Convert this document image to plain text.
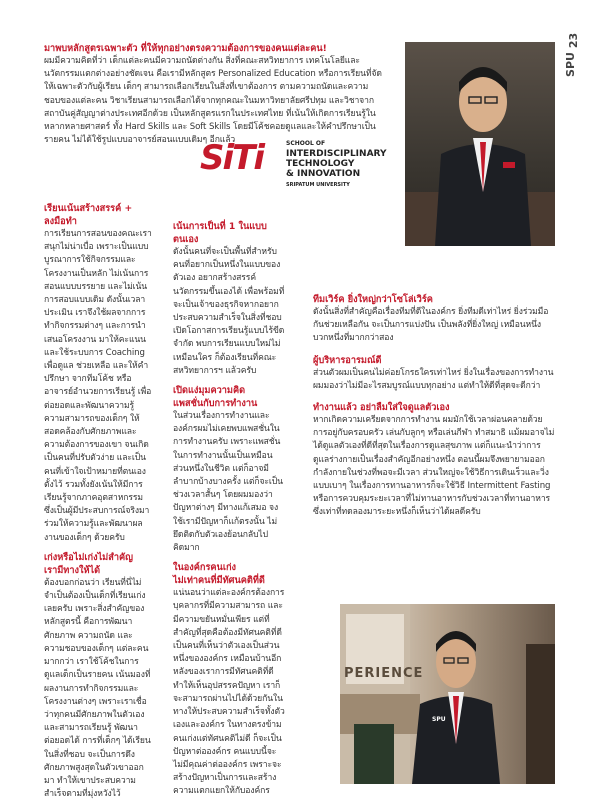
SPU
23
มาพบหลักสูตรเฉพาะตัว ที่ให้ทุกอย่างตรงความต้องการของคนแต่ละคน!
ผมมีความคิดที่ว่า เด็กแต่ละคนมีความถนัดต่างกัน สิ่งที่คณะสหวิทยาการ เทคโนโลยีและนวัตกรรมแตกต่างอย่างชัดเจน คือเรามีหลักสูตร Personalized Education หรือการเรียนที่จัดให้เฉพาะตัวกับผู้เรียน เด็กๆ สามารถเลือกเรียนในสิ่งที่เขาต้องการ ตามความถนัดและความชอบของแต่ละคน วิชาเรียนสามารถเลือกได้จากทุกคณะในมหาวิทยาลัยศรีปทุม และวิชาจากสถาบันคู่สัญญาต่างประเทศอีกด้วย เป็นหลักสูตรแรกในประเทศไทย ที่เน้นให้เกิดการเรียนรู้ในหลากหลายศาสตร์ ทั้ง Hard Skills และ Soft Skills โดยมีโค้ชคอยดูแลและให้คำปรึกษาเป็นรายคน ไม่ได้ใช้รูปแบบอาจารย์สอนแบบเดิมๆ อีกแล้ว
SiTi	SCHOOL OF
INTERDISCIPLINARY
TECHNOLOGY
& INNOVATION
SRIPATUM UNIVERSITY
เรียนเน้นสร้างสรรค์ + ลงมือทำ
การเรียนการสอนของคณะเราสนุกไม่น่าเบื่อ เพราะเป็นแบบบูรณาการใช้กิจกรรมและโครงงานเป็นหลัก ไม่เน้นการสอนแบบบรรยาย และไม่เน้นการสอบแบบเดิม ดังนั้นเวลาประเมิน เราจึงใช้ผลจากการทำกิจกรรมต่างๆ และการนำเสนอโครงงาน มาให้คะแนน และใช้ระบบการ Coaching เพื่อดูแล ช่วยเหลือ และให้คำปรึกษา จากทีมโค้ช หรืออาจารย์อำนวยการเรียนรู้ เพื่อต่อยอดและพัฒนาความรู้ ความสามารถของเด็กๆ ให้สอดคล้องกับศักยภาพและความต้องการของเขา จนเกิดเป็นคนที่ปรับตัวง่าย และเป็นคนที่เข้าใจเป้าหมายที่ตนเองตั้งไว้ รวมทั้งยังเน้นให้มีการเรียนรู้จากภาคอุตสาหกรรม ซึ่งเป็นผู้มีประสบการณ์จริงมาร่วมให้ความรู้และพัฒนาผลงานของเด็กๆ ด้วยครับ
เก่งหรือไม่เก่งไม่สำคัญ
เรามีทางให้ได้
ต้องบอกก่อนว่า เรียนที่นี่ไม่จำเป็นต้องเป็นเด็กที่เรียนเก่งเลยครับ เพราะสิ่งสำคัญของหลักสูตรนี้ คือการพัฒนาศักยภาพ ความถนัด และความชอบของเด็กๆ แต่ละคนมากกว่า เราใช้โค้ชในการดูแลเด็กเป็นรายคน เน้นมองที่ผลงานการทำกิจกรรมและโครงงานต่างๆ เพราะเราเชื่อว่าทุกคนมีศักยภาพในตัวเองและสามารถเรียนรู้ พัฒนาต่อยอดได้ การที่เด็กๆ ได้เรียนในสิ่งที่ชอบ จะเป็นการดึงศักยภาพสูงสุดในตัวเขาออกมา ทำให้เขาประสบความสำเร็จตามที่มุ่งหวังไว้
เน้นการเป็นที่ 1 ในแบบตนเอง
ดังนั้นคนที่จะเป็นพื้นที่สำหรับคนที่อยากเป็นหนึ่งในแบบของตัวเอง อยากสร้างสรรค์นวัตกรรมขึ้นเองได้ เพื่อพร้อมที่จะเป็นเจ้าของธุรกิจหากอยากประสบความสำเร็จในสิ่งที่ชอบ เปิดโอกาสการเรียนรู้แบบไร้ขีดจำกัด พบการเรียนแบบใหม่ไม่เหมือนใคร ก็ต้องเรียนที่คณะสหวิทยาการฯ แล้วครับ
เปิดแง่มุมความคิด
แพสชั่นกับการทำงาน
ในส่วนเรื่องการทำงานและองค์กรผมไม่เคยพบแพสชั่นในการทำงานครับ เพราะแพสชั่นในการทำงานนั้นเป็นเหมือนส่วนหนึ่งในชีวิต แต่ก็อาจมีลำบากบ้างบางครั้ง แต่ก็จะเป็นช่วงเวลาสั้นๆ โดยผมมองว่าปัญหาต่างๆ มีทางแก้เสมอ จงใช้เรามีปัญหาก็แก้ตรงนั้น ไม่ยึดติดกับตัวเองย้อนกลับไปคิดมาก
ในองค์กรคนเก่ง
ไม่เท่าคนที่มีทัศนคติที่ดี
แน่นอนว่าแต่ละองค์กรต้องการบุคลากรที่มีความสามารถ และมีความขยันหมั่นเพียร แต่ที่สำคัญที่สุดคือต้องมีทัศนคติที่ดี เป็นคนที่เห็นว่าตัวเองเป็นส่วนหนึ่งขององค์กร เหมือนบ้านอีกหลังของเราการมีทัศนคติที่ดีทำให้เห็นอุปสรรคปัญหา เราก็จะสามารถผ่านไปได้ด้วยกันในทางให้ประสบความสำเร็จทั้งตัวเองและองค์กร ในทางตรงข้ามคนเก่งแต่ทัศนคติไม่ดี ก็จะเป็นปัญหาต่อองค์กร คนแบบนี้จะไม่มีคุณค่าต่อองค์กร เพราะจะสร้างปัญหาเป็นการและสร้างความแตกแยกให้กับองค์กร
ทีมเวิร์ค ยิ่งใหญ่กว่าโซโล่เวิร์ค
ดังนั้นสิ่งที่สำคัญคือเรื่องทีมที่ดีในองค์กร ยิ่งทีมดีเท่าไหร่ ยิ่งร่วมมือกันช่วยเหลือกัน จะเป็นการแบ่งปัน เป็นพลังที่ยิ่งใหญ่ เหมือนหนึ่งบวกหนึ่งที่มากกว่าสอง
ผู้บริหารอารมณ์ดี
ส่วนตัวผมเป็นคนไม่ค่อยโกรธใครเท่าไหร่ ยิ่งในเรื่องของการทำงาน ผมมองว่าไม่มีอะไรสมบูรณ์แบบทุกอย่าง แต่ทำให้ดีที่สุดจะดีกว่า
ทำงานแล้ว อย่าลืมใส่ใจดูแลตัวเอง
หากเกิดความเครียดจากการทำงาน ผมมักใช้เวลาผ่อนคลายด้วยการอยู่กับครอบครัว เล่นกับลูกๆ หรือเล่นกีฬา ทำสมาธิ แม้ผมอาจไม่ได้ดูแลตัวเองที่ดีที่สุดในเรื่องการดูแลสุขภาพ แต่ก็แนะนำว่าการดูแลร่างกายเป็นเรื่องสำคัญอีกอย่างหนึ่ง ตอนนี้ผมจึงพยายามออกกำลังกายในช่วงที่พอจะมีเวลา ส่วนใหญ่จะใช้วิธีการเดินเร็วและวิ่งแบบเบาๆ ในเรื่องการทานอาหารก็จะใช้วิธี Intermittent Fasting หรือการควบคุมระยะเวลาที่ไม่ทานอาหารกับช่วงเวลาที่ทานอาหาร ซึ่งเท่าที่ทดลองมาระยะหนึ่งก็เห็นว่าได้ผลดีครับ
PERIENCE
SPU
